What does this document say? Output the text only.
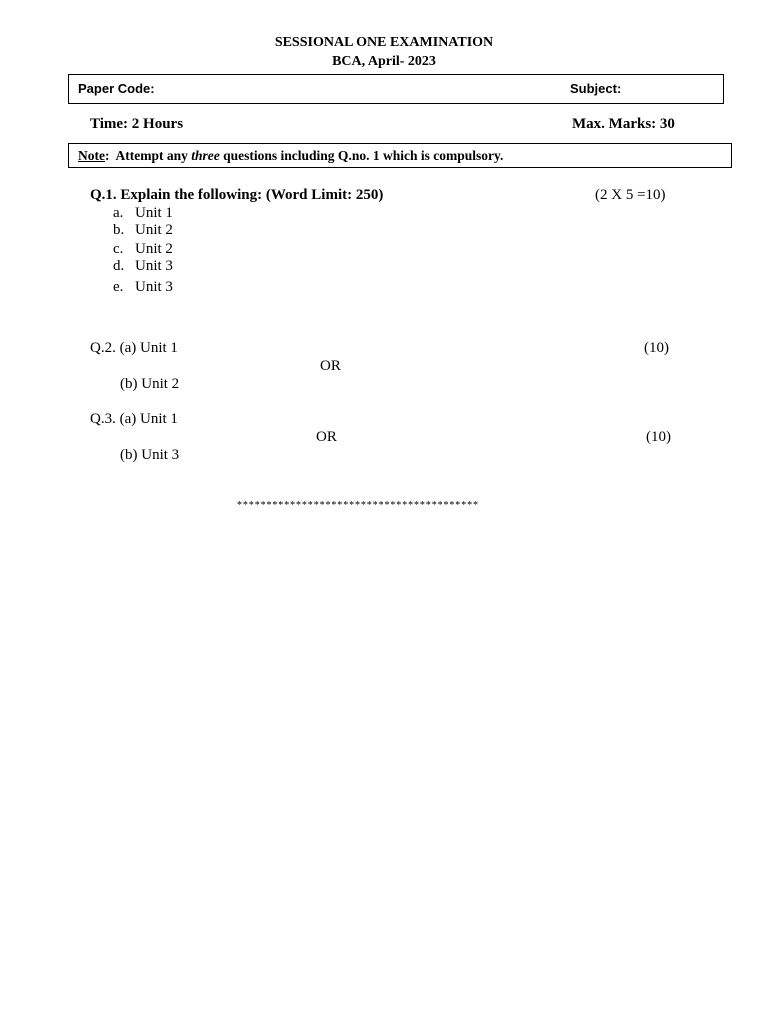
SESSIONAL ONE EXAMINATION
BCA, April- 2023
Paper Code:	Subject:
Time: 2 Hours	Max. Marks: 30
Note: Attempt any three questions including Q.no. 1 which is compulsory.
Q.1. Explain the following: (Word Limit: 250)	(2 X 5 =10)
a. Unit 1
b. Unit 2
c. Unit 2
d. Unit 3
e. Unit 3
Q.2. (a) Unit 1	(10)
OR
(b) Unit 2
Q.3. (a) Unit 1
OR	(10)
(b) Unit 3
*****************************************
